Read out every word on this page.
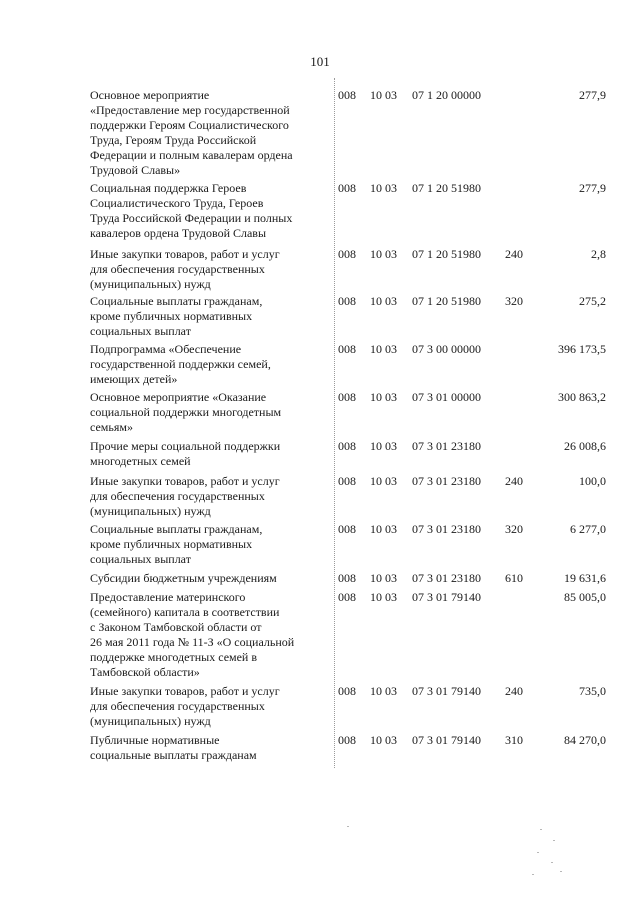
101
Основное мероприятие
«Предоставление мер государственной
поддержки Героям Социалистического
Труда, Героям Труда Российской
Федерации и полным кавалерам ордена
Трудовой Славы»
008 10 03 07 1 20 00000	277,9
Социальная поддержка Героев
Социалистического Труда, Героев
Труда Российской Федерации и полных
кавалеров ордена Трудовой Славы
008 10 03 07 1 20 51980	277,9
Иные закупки товаров, работ и услуг
для обеспечения государственных
(муниципальных) нужд
008 10 03 07 1 20 51980 240	2,8
Социальные выплаты гражданам,
кроме публичных нормативных
социальных выплат
008 10 03 07 1 20 51980 320	275,2
Подпрограмма «Обеспечение
государственной поддержки семей,
имеющих детей»
008 10 03 07 3 00 00000	396 173,5
Основное мероприятие «Оказание
социальной поддержки многодетным
семьям»
008 10 03 07 3 01 00000	300 863,2
Прочие меры социальной поддержки
многодетных семей
008 10 03 07 3 01 23180	26 008,6
Иные закупки товаров, работ и услуг
для обеспечения государственных
(муниципальных) нужд
008 10 03 07 3 01 23180 240	100,0
Социальные выплаты гражданам,
кроме публичных нормативных
социальных выплат
008 10 03 07 3 01 23180 320	6 277,0
Субсидии бюджетным учреждениям	008 10 03 07 3 01 23180 610	19 631,6
Предоставление материнского
(семейного) капитала в соответствии
с Законом Тамбовской области от
26 мая 2011 года № 11-З «О социальной
поддержке многодетных семей в
Тамбовской области»
008 10 03 07 3 01 79140	85 005,0
Иные закупки товаров, работ и услуг
для обеспечения государственных
(муниципальных) нужд
008 10 03 07 3 01 79140 240	735,0
Публичные нормативные
социальные выплаты гражданам
008 10 03 07 3 01 79140 310	84 270,0
